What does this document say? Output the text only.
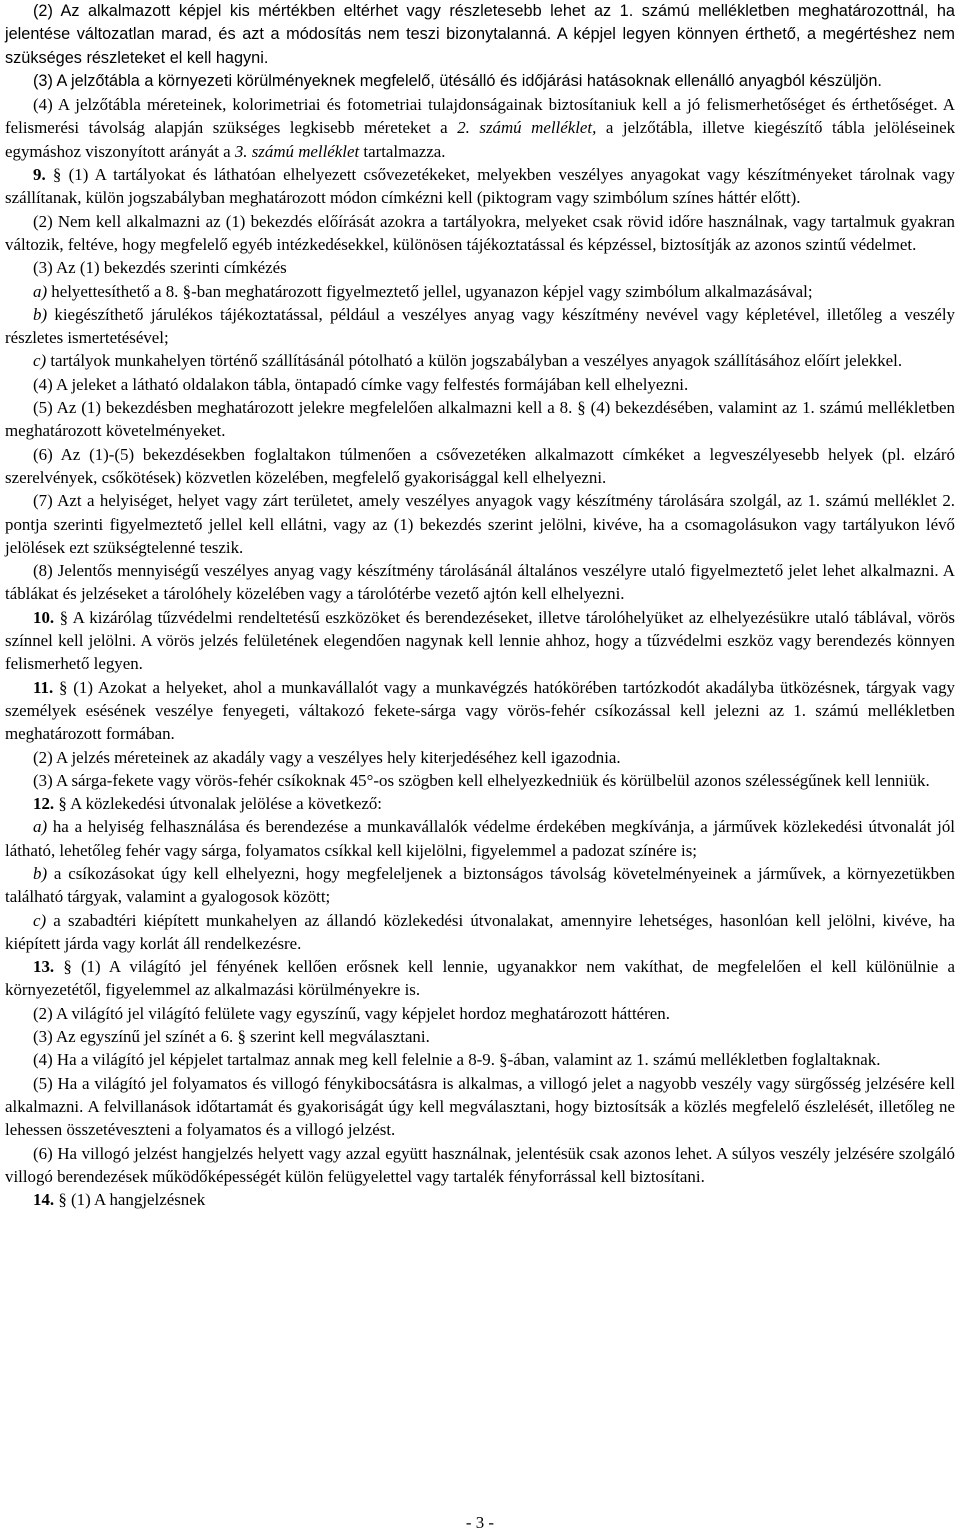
(2) Az alkalmazott képjel kis mértékben eltérhet vagy részletesebb lehet az 1. számú mellékletben meghatározottnál, ha jelentése változatlan marad, és azt a módosítás nem teszi bizonytalanná. A képjel legyen könnyen érthető, a megértéshez nem szükséges részleteket el kell hagyni.

(3) A jelzőtábla a környezeti körülményeknek megfelelő, ütésálló és időjárási hatásoknak ellenálló anyagból készüljön.

(4) A jelzőtábla méreteinek, kolorimetriai és fotometriai tulajdonságainak biztosítaniuk kell a jó felismerhetőséget és érthetőséget. A felismerési távolság alapján szükséges legkisebb méreteket a 2. számú melléklet, a jelzőtábla, illetve kiegészítő tábla jelöléseinek egymáshoz viszonyított arányát a 3. számú melléklet tartalmazza.

9. § (1) A tartályokat és láthatóan elhelyezett csővezetékeket, melyekben veszélyes anyagokat vagy készítményeket tárolnak vagy szállítanak, külön jogszabályban meghatározott módon címkézni kell (piktogram vagy szimbólum színes háttér előtt).

(2) Nem kell alkalmazni az (1) bekezdés előírását azokra a tartályokra, melyeket csak rövid időre használnak, vagy tartalmuk gyakran változik, feltéve, hogy megfelelő egyéb intézkedésekkel, különösen tájékoztatással és képzéssel, biztosítják az azonos szintű védelmet.

(3) Az (1) bekezdés szerinti címkézés

a) helyettesíthető a 8. §-ban meghatározott figyelmeztető jellel, ugyanazon képjel vagy szimbólum alkalmazásával;

b) kiegészíthető járulékos tájékoztatással, például a veszélyes anyag vagy készítmény nevével vagy képletével, illetőleg a veszély részletes ismertetésével;

c) tartályok munkahelyen történő szállításánál pótolható a külön jogszabályban a veszélyes anyagok szállításához előírt jelekkel.

(4) A jeleket a látható oldalakon tábla, öntapadó címke vagy felfestés formájában kell elhelyezni.

(5) Az (1) bekezdésben meghatározott jelekre megfelelően alkalmazni kell a 8. § (4) bekezdésében, valamint az 1. számú mellékletben meghatározott követelményeket.

(6) Az (1)-(5) bekezdésekben foglaltakon túlmenően a csővezetéken alkalmazott címkéket a legveszélyesebb helyek (pl. elzáró szerelvények, csőkötések) közvetlen közelében, megfelelő gyakorisággal kell elhelyezni.

(7) Azt a helyiséget, helyet vagy zárt területet, amely veszélyes anyagok vagy készítmény tárolására szolgál, az 1. számú melléklet 2. pontja szerinti figyelmeztető jellel kell ellátni, vagy az (1) bekezdés szerint jelölni, kivéve, ha a csomagolásukon vagy tartályukon lévő jelölések ezt szükségtelenné teszik.

(8) Jelentős mennyiségű veszélyes anyag vagy készítmény tárolásánál általános veszélyre utaló figyelmeztető jelet lehet alkalmazni. A táblákat és jelzéseket a tárolóhely közelében vagy a tárolótérbe vezető ajtón kell elhelyezni.

10. § A kizárólag tűzvédelmi rendeltetésű eszközöket és berendezéseket, illetve tárolóhelyüket az elhelyezésükre utaló táblával, vörös színnel kell jelölni. A vörös jelzés felületének elegendően nagynak kell lennie ahhoz, hogy a tűzvédelmi eszköz vagy berendezés könnyen felismerhető legyen.

11. § (1) Azokat a helyeket, ahol a munkavállalót vagy a munkavégzés hatókörében tartózkodót akadályba ütközésnek, tárgyak vagy személyek esésének veszélye fenyegeti, váltakozó fekete-sárga vagy vörös-fehér csíkozással kell jelezni az 1. számú mellékletben meghatározott formában.

(2) A jelzés méreteinek az akadály vagy a veszélyes hely kiterjedéséhez kell igazodnia.

(3) A sárga-fekete vagy vörös-fehér csíkoknak 45°-os szögben kell elhelyezkedniük és körülbelül azonos szélességűnek kell lenniük.

12. § A közlekedési útvonalak jelölése a következő:

a) ha a helyiség felhasználása és berendezése a munkavállalók védelme érdekében megkívánja, a járművek közlekedési útvonalát jól látható, lehetőleg fehér vagy sárga, folyamatos csíkkal kell kijelölni, figyelemmel a padozat színére is;

b) a csíkozásokat úgy kell elhelyezni, hogy megfeleljenek a biztonságos távolság követelményeinek a járművek, a környezetükben található tárgyak, valamint a gyalogosok között;

c) a szabadtéri kiépített munkahelyen az állandó közlekedési útvonalakat, amennyire lehetséges, hasonlóan kell jelölni, kivéve, ha kiépített járda vagy korlát áll rendelkezésre.

13. § (1) A világító jel fényének kellően erősnek kell lennie, ugyanakkor nem vakíthat, de megfelelően el kell különülnie a környezetétől, figyelemmel az alkalmazási körülményekre is.

(2) A világító jel világító felülete vagy egyszínű, vagy képjelet hordoz meghatározott háttéren.

(3) Az egyszínű jel színét a 6. § szerint kell megválasztani.

(4) Ha a világító jel képjelet tartalmaz annak meg kell felelnie a 8-9. §-ában, valamint az 1. számú mellékletben foglaltaknak.

(5) Ha a világító jel folyamatos és villogó fénykibocsátásra is alkalmas, a villogó jelet a nagyobb veszély vagy sürgősség jelzésére kell alkalmazni. A felvillanások időtartamát és gyakoriságát úgy kell megválasztani, hogy biztosítsák a közlés megfelelő észlelését, illetőleg ne lehessen összetéveszteni a folyamatos és a villogó jelzést.

(6) Ha villogó jelzést hangjelzés helyett vagy azzal együtt használnak, jelentésük csak azonos lehet. A súlyos veszély jelzésére szolgáló villogó berendezések működőképességét külön felügyelettel vagy tartalék fényforrással kell biztosítani.

14. § (1) A hangjelzésnek

- 3 -
